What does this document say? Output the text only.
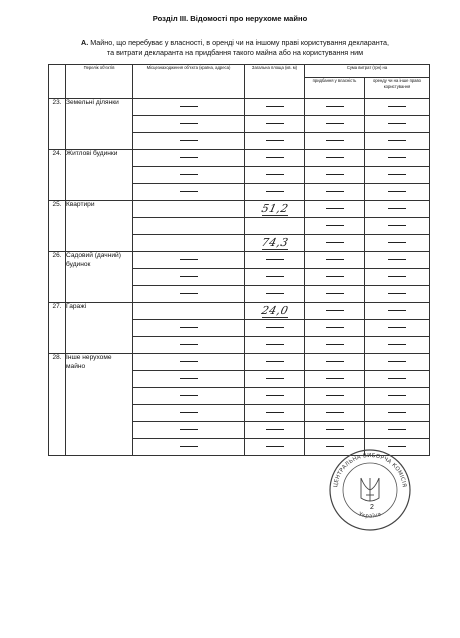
Розділ III. Відомості про нерухоме майно
А. Майно, що перебуває у власності, в оренді чи на іншому праві користування декларанта,
та витрати декларанта на придбання такого майна або на користування ним
	Перелік об'єктів	Місцезнаходження об'єкта (країна, адреса)	Загальна площа (кв. м)	Сума витрат (грн) на	
				придбання у власність	оренду чи на інше право користування
23.	Земельні ділянки	

24.	Житлові будинки	

25.	Квартири		51,2		

			74,3		

26.	Садовий (дачний) будинок	

27.	Гаражі		24,0		

28.	Інше нерухоме майно	

ЦЕНТРАЛЬНА ВИБОРЧА КОМІСІЯ
Україна
2
